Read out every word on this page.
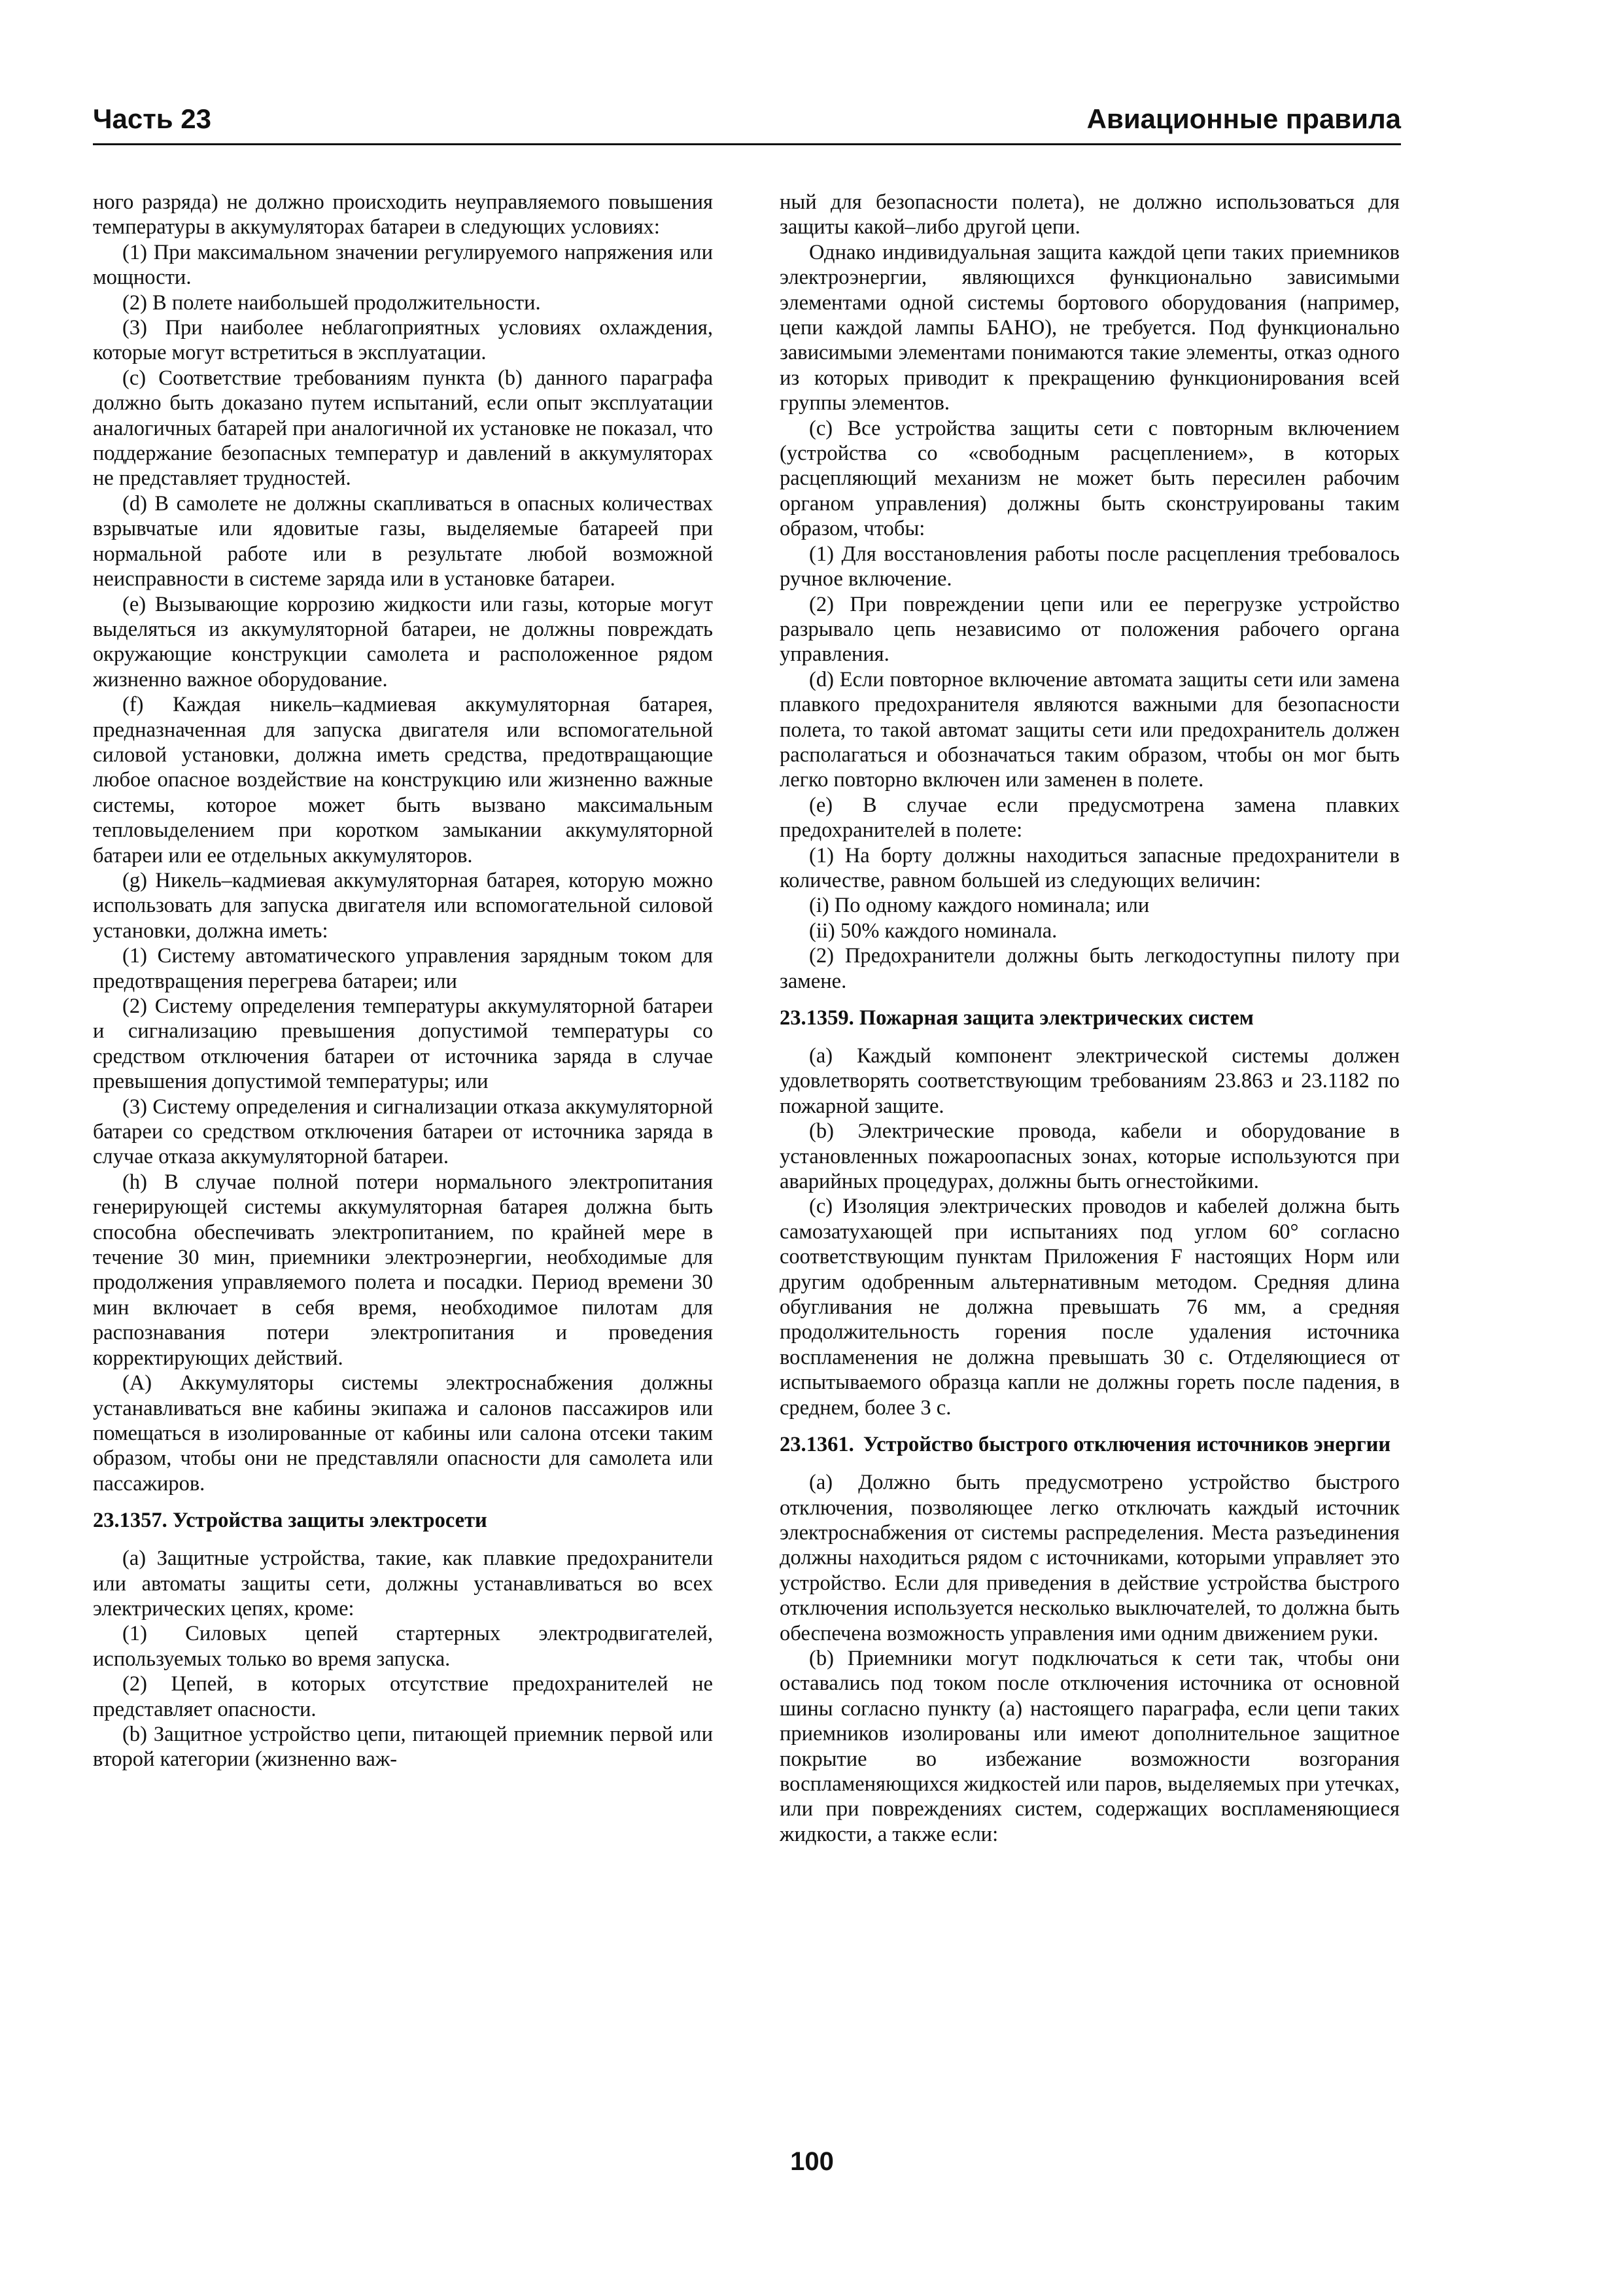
Часть 23	Авиационные правила

ного разряда) не должно происходить неуправляемого повышения температуры в аккумуляторах батареи в следующих условиях:

(1) При максимальном значении регулируемого напряжения или мощности.

(2) В полете наибольшей продолжительности.

(3) При наиболее неблагоприятных условиях охлаждения, которые могут встретиться в эксплуатации.

(c) Соответствие требованиям пункта (b) данного параграфа должно быть доказано путем испытаний, если опыт эксплуатации аналогичных батарей при аналогичной их установке не показал, что поддержание безопасных температур и давлений в аккумуляторах не представляет трудностей.

(d) В самолете не должны скапливаться в опасных количествах взрывчатые или ядовитые газы, выделяемые батареей при нормальной работе или в результате любой возможной неисправности в системе заряда или в установке батареи.

(e) Вызывающие коррозию жидкости или газы, которые могут выделяться из аккумуляторной батареи, не должны повреждать окружающие конструкции самолета и расположенное рядом жизненно важное оборудование.

(f) Каждая никель–кадмиевая аккумуляторная батарея, предназначенная для запуска двигателя или вспомогательной силовой установки, должна иметь средства, предотвращающие любое опасное воздействие на конструкцию или жизненно важные системы, которое может быть вызвано максимальным тепловыделением при коротком замыкании аккумуляторной батареи или ее отдельных аккумуляторов.

(g) Никель–кадмиевая аккумуляторная батарея, которую можно использовать для запуска двигателя или вспомогательной силовой установки, должна иметь:

(1) Систему автоматического управления зарядным током для предотвращения перегрева батареи; или

(2) Систему определения температуры аккумуляторной батареи и сигнализацию превышения допустимой температуры со средством отключения батареи от источника заряда в случае превышения допустимой температуры; или

(3) Систему определения и сигнализации отказа аккумуляторной батареи со средством отключения батареи от источника заряда в случае отказа аккумуляторной батареи.

(h) В случае полной потери нормального электропитания генерирующей системы аккумуляторная батарея должна быть способна обеспечивать электропитанием, по крайней мере в течение 30 мин, приемники электроэнергии, необходимые для продолжения управляемого полета и посадки. Период времени 30 мин включает в себя время, необходимое пилотам для распознавания потери электропитания и проведения корректирующих действий.

(A) Аккумуляторы системы электроснабжения должны устанавливаться вне кабины экипажа и салонов пассажиров или помещаться в изолированные от кабины или салона отсеки таким образом, чтобы они не представляли опасности для самолета или пассажиров.

23.1357. Устройства защиты электросети

(a) Защитные устройства, такие, как плавкие предохранители или автоматы защиты сети, должны устанавливаться во всех электрических цепях, кроме:

(1) Силовых цепей стартерных электродвигателей, используемых только во время запуска.

(2) Цепей, в которых отсутствие предохранителей не представляет опасности.

(b) Защитное устройство цепи, питающей приемник первой или второй категории (жизненно важ-

ный для безопасности полета), не должно использоваться для защиты какой–либо другой цепи.

Однако индивидуальная защита каждой цепи таких приемников электроэнергии, являющихся функционально зависимыми элементами одной системы бортового оборудования (например, цепи каждой лампы БАНО), не требуется. Под функционально зависимыми элементами понимаются такие элементы, отказ одного из которых приводит к прекращению функционирования всей группы элементов.

(c) Все устройства защиты сети с повторным включением (устройства со «свободным расцеплением», в которых расцепляющий механизм не может быть пересилен рабочим органом управления) должны быть сконструированы таким образом, чтобы:

(1) Для восстановления работы после расцепления требовалось ручное включение.

(2) При повреждении цепи или ее перегрузке устройство разрывало цепь независимо от положения рабочего органа управления.

(d) Если повторное включение автомата защиты сети или замена плавкого предохранителя являются важными для безопасности полета, то такой автомат защиты сети или предохранитель должен располагаться и обозначаться таким образом, чтобы он мог быть легко повторно включен или заменен в полете.

(e) В случае если предусмотрена замена плавких предохранителей в полете:

(1) На борту должны находиться запасные предохранители в количестве, равном большей из следующих величин:

(i) По одному каждого номинала; или

(ii) 50% каждого номинала.

(2) Предохранители должны быть легкодоступны пилоту при замене.

23.1359. Пожарная защита электрических систем

(a) Каждый компонент электрической системы должен удовлетворять соответствующим требованиям 23.863 и 23.1182 по пожарной защите.

(b) Электрические провода, кабели и оборудование в установленных пожароопасных зонах, которые используются при аварийных процедурах, должны быть огнестойкими.

(c) Изоляция электрических проводов и кабелей должна быть самозатухающей при испытаниях под углом 60° согласно соответствующим пунктам Приложения F настоящих Норм или другим одобренным альтернативным методом. Средняя длина обугливания не должна превышать 76 мм, а средняя продолжительность горения после удаления источника воспламенения не должна превышать 30 с. Отделяющиеся от испытываемого образца капли не должны гореть после падения, в среднем, более 3 с.

23.1361. Устройство быстрого отключения источников энергии

(a) Должно быть предусмотрено устройство быстрого отключения, позволяющее легко отключать каждый источник электроснабжения от системы распределения. Места разъединения должны находиться рядом с источниками, которыми управляет это устройство. Если для приведения в действие устройства быстрого отключения используется несколько выключателей, то должна быть обеспечена возможность управления ими одним движением руки.

(b) Приемники могут подключаться к сети так, чтобы они оставались под током после отключения источника от основной шины согласно пункту (a) настоящего параграфа, если цепи таких приемников изолированы или имеют дополнительное защитное покрытие во избежание возможности возгорания воспламеняющихся жидкостей или паров, выделяемых при утечках, или при повреждениях систем, содержащих воспламеняющиеся жидкости, а также если:

100
